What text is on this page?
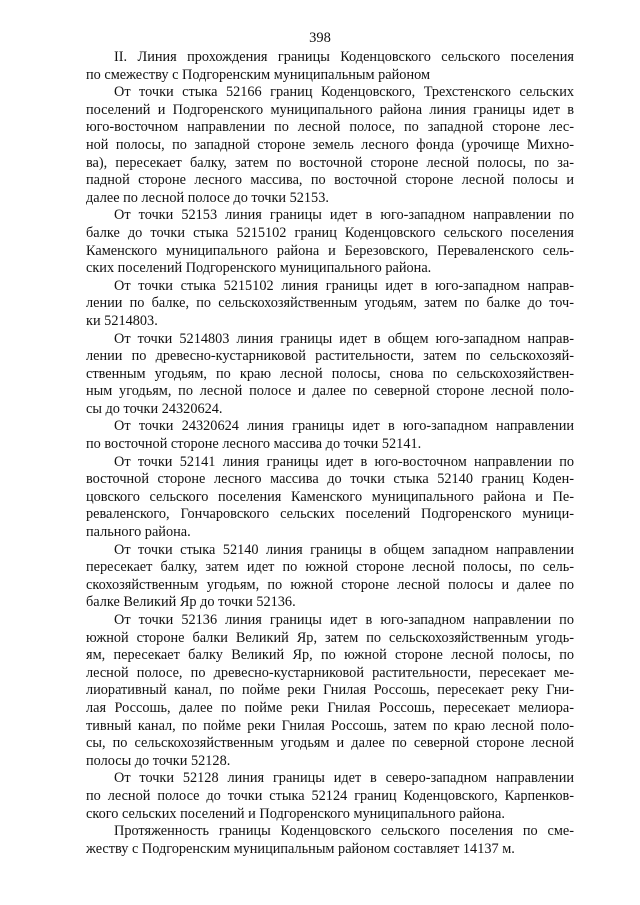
398
II. Линия прохождения границы Коденцовского сельского поселения
по смежеству с Подгоренским муниципальным районом
От точки стыка 52166 границ Коденцовского, Трехстенского сельских
поселений и Подгоренского муниципального района линия границы идет в
юго-восточном направлении по лесной полосе, по западной стороне лес-
ной полосы, по западной стороне земель лесного фонда (урочище Михно-
ва), пересекает балку, затем по восточной стороне лесной полосы, по за-
падной стороне лесного массива, по восточной стороне лесной полосы и
далее по лесной полосе до точки 52153.
От точки 52153 линия границы идет в юго-западном направлении по
балке до точки стыка 5215102 границ Коденцовского сельского поселения
Каменского муниципального района и Березовского, Переваленского сель-
ских поселений Подгоренского муниципального района.
От точки стыка 5215102 линия границы идет в юго-западном направ-
лении по балке, по сельскохозяйственным угодьям, затем по балке до точ-
ки 5214803.
От точки 5214803 линия границы идет в общем юго-западном направ-
лении по древесно-кустарниковой растительности, затем по сельскохозяй-
ственным угодьям, по краю лесной полосы, снова по сельскохозяйствен-
ным угодьям, по лесной полосе и далее по северной стороне лесной поло-
сы до точки 24320624.
От точки 24320624 линия границы идет в юго-западном направлении
по восточной стороне лесного массива до точки 52141.
От точки 52141 линия границы идет в юго-восточном направлении по
восточной стороне лесного массива до точки стыка 52140 границ Коден-
цовского сельского поселения Каменского муниципального района и Пе-
реваленского, Гончаровского сельских поселений Подгоренского муници-
пального района.
От точки стыка 52140 линия границы в общем западном направлении
пересекает балку, затем идет по южной стороне лесной полосы, по сель-
скохозяйственным угодьям, по южной стороне лесной полосы и далее по
балке Великий Яр до точки 52136.
От точки 52136 линия границы идет в юго-западном направлении по
южной стороне балки Великий Яр, затем по сельскохозяйственным угодь-
ям, пересекает балку Великий Яр, по южной стороне лесной полосы, по
лесной полосе, по древесно-кустарниковой растительности, пересекает ме-
лиоративный канал, по пойме реки Гнилая Россошь, пересекает реку Гни-
лая Россошь, далее по пойме реки Гнилая Россошь, пересекает мелиора-
тивный канал, по пойме реки Гнилая Россошь, затем по краю лесной поло-
сы, по сельскохозяйственным угодьям и далее по северной стороне лесной
полосы до точки 52128.
От точки 52128 линия границы идет в северо-западном направлении
по лесной полосе до точки стыка 52124 границ Коденцовского, Карпенков-
ского сельских поселений и Подгоренского муниципального района.
Протяженность границы Коденцовского сельского поселения по сме-
жеству с Подгоренским муниципальным районом составляет 14137 м.
